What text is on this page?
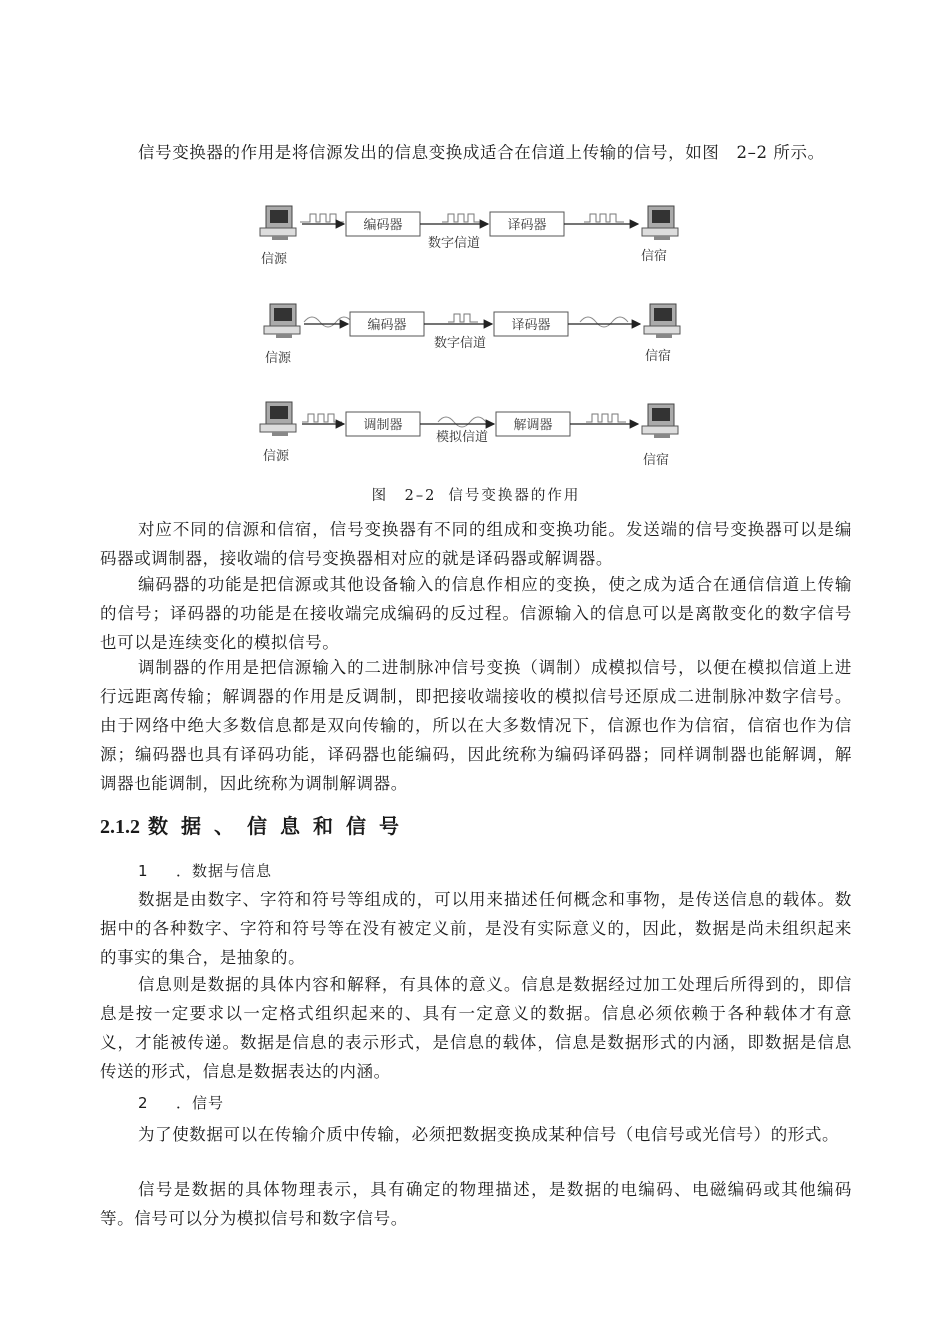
信号变换器的作用是将信源发出的信息变换成适合在信道上传输的信号，如图　2–2 所示。

编码器
数字信道
译码器
信源	信宿
编码器
数字信道
译码器
信源	信宿
调制器
模拟信道
解调器
信源	信宿

图　2–2 信号变换器的作用

对应不同的信源和信宿，信号变换器有不同的组成和变换功能。发送端的信号变换器可以是编码器或调制器，接收端的信号变换器相对应的就是译码器或解调器。

编码器的功能是把信源或其他设备输入的信息作相应的变换，使之成为适合在通信信道上传输的信号；译码器的功能是在接收端完成编码的反过程。信源输入的信息可以是离散变化的数字信号也可以是连续变化的模拟信号。

调制器的作用是把信源输入的二进制脉冲信号变换（调制）成模拟信号，以便在模拟信道上进行远距离传输；解调器的作用是反调制，即把接收端接收的模拟信号还原成二进制脉冲数字信号。由于网络中绝大多数信息都是双向传输的，所以在大多数情况下，信源也作为信宿，信宿也作为信源；编码器也具有译码功能，译码器也能编码，因此统称为编码译码器；同样调制器也能解调，解调器也能调制，因此统称为调制解调器。

2.1.2 数据、信息和信号

1 ．数据与信息

数据是由数字、字符和符号等组成的，可以用来描述任何概念和事物，是传送信息的载体。数据中的各种数字、字符和符号等在没有被定义前，是没有实际意义的，因此，数据是尚未组织起来的事实的集合，是抽象的。

信息则是数据的具体内容和解释，有具体的意义。信息是数据经过加工处理后所得到的，即信息是按一定要求以一定格式组织起来的、具有一定意义的数据。信息必须依赖于各种载体才有意义，才能被传递。数据是信息的表示形式，是信息的载体，信息是数据形式的内涵，即数据是信息传送的形式，信息是数据表达的内涵。

2 ．信号

为了使数据可以在传输介质中传输，必须把数据变换成某种信号（电信号或光信号）的形式。

信号是数据的具体物理表示，具有确定的物理描述，是数据的电编码、电磁编码或其他编码等。信号可以分为模拟信号和数字信号。
